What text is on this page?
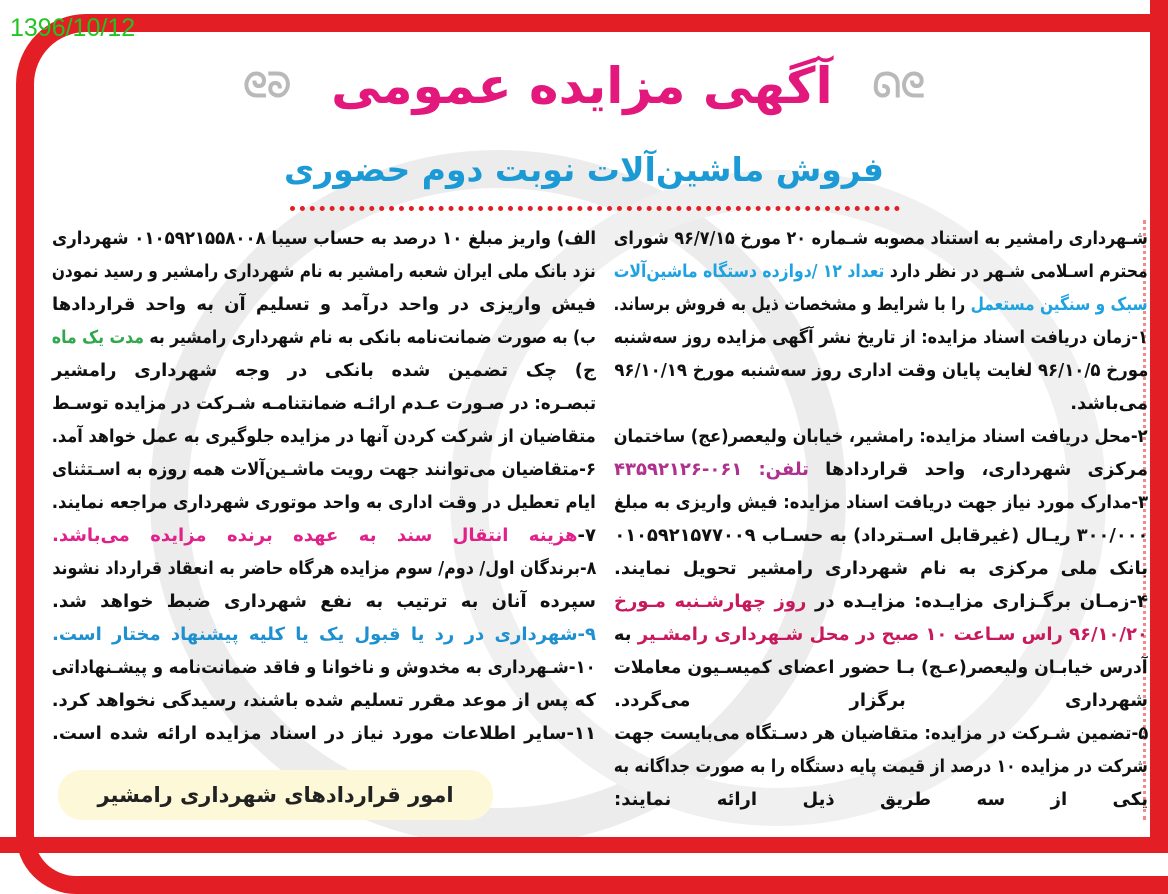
1396/10/12
ᘓᘐ آگهی مزایده عمومی ᘏᘓ
فروش ماشین‌آلات نوبت دوم حضوری
شـهرداری رامشیر به استناد مصوبه شـماره ۲۰ مورخ ۹۶/۷/۱۵ شورای
محترم اسـلامی شـهر در نظر دارد تعداد ۱۲ /دوازده دستگاه ماشین‌آلات
سبک و سنگین مستعمل را با شرایط و مشخصات ذیل به فروش برساند.
۱-زمان دریافت اسناد مزایده: از تاریخ نشر آگهی مزایده روز سه‌شنبه
مورخ ۹۶/۱۰/۵ لغایت پایان وقت اداری روز سه‌شنبه مورخ ۹۶/۱۰/۱۹
می‌باشد.
۲-محل دریافت اسناد مزایده: رامشیر، خیابان ولیعصر(عج) ساختمان
مرکزی شهرداری، واحد قراردادها تلفن: ۰۶۱-۴۳۵۹۲۱۲۶
۳-مدارک مورد نیاز جهت دریافت اسناد مزایده: فیش واریزی به مبلغ
۳۰۰/۰۰۰ ریـال (غیرقابل اسـترداد) به حسـاب ۰۱۰۵۹۲۱۵۷۷۰۰۹
بانک ملی مرکزی به نام شهرداری رامشیر تحویل نمایند.
۴-زمـان برگـزاری مزایـده: مزایـده در روز چهارشـنبه مـورخ
۹۶/۱۰/۲۰ راس سـاعت ۱۰ صبح در محل شـهرداری رامشـیر به
آدرس خیابـان ولیعصر(عـج) بـا حضور اعضای کمیسـیون معاملات
شهرداری برگزار می‌گردد.
۵-تضمین شـرکت در مزایده: متقاضیان هر دسـتگاه می‌بایست جهت
شرکت در مزایده ۱۰ درصد از قیمت پایه دستگاه را به صورت جداگانه به
یکی از سه طریق ذیل ارائه نمایند:
الف) واریز مبلغ ۱۰ درصد به حساب سیبا ۰۱۰۵۹۲۱۵۵۸۰۰۸ شهرداری
نزد بانک ملی ایران شعبه رامشیر به نام شهرداری رامشیر و رسید نمودن
فیش واریزی در واحد درآمد و تسلیم آن به واحد قراردادها
ب) به صورت ضمانت‌نامه بانکی به نام شهرداری رامشیر به مدت یک ماه
ج) چک تضمین شده بانکی در وجه شهرداری رامشیر
تبصـره: در صـورت عـدم ارائـه ضمانتنامـه شـرکت در مزایده توسـط
متقاضیان از شرکت کردن آنها در مزایده جلوگیری به عمل خواهد آمد.
۶-متقاضیان می‌توانند جهت رویت ماشـین‌آلات همه روزه به اسـتثنای
ایام تعطیل در وقت اداری به واحد موتوری شهرداری مراجعه نمایند.
۷-هزینه انتقال سند به عهده برنده مزایده می‌باشد.
۸-برندگان اول/ دوم/ سوم مزایده هرگاه حاضر به انعقاد قرارداد نشوند
سپرده آنان به ترتیب به نفع شهرداری ضبط خواهد شد.
۹-شهرداری در رد یا قبول یک یا کلیه پیشنهاد مختار است.
۱۰-شـهرداری به مخدوش و ناخوانا و فاقد ضمانت‌نامه و پیشـنهاداتی
که پس از موعد مقرر تسلیم شده باشند، رسیدگی نخواهد کرد.
۱۱-سایر اطلاعات مورد نیاز در اسناد مزایده ارائه شده است.
امور قراردادهای شهرداری رامشیر
